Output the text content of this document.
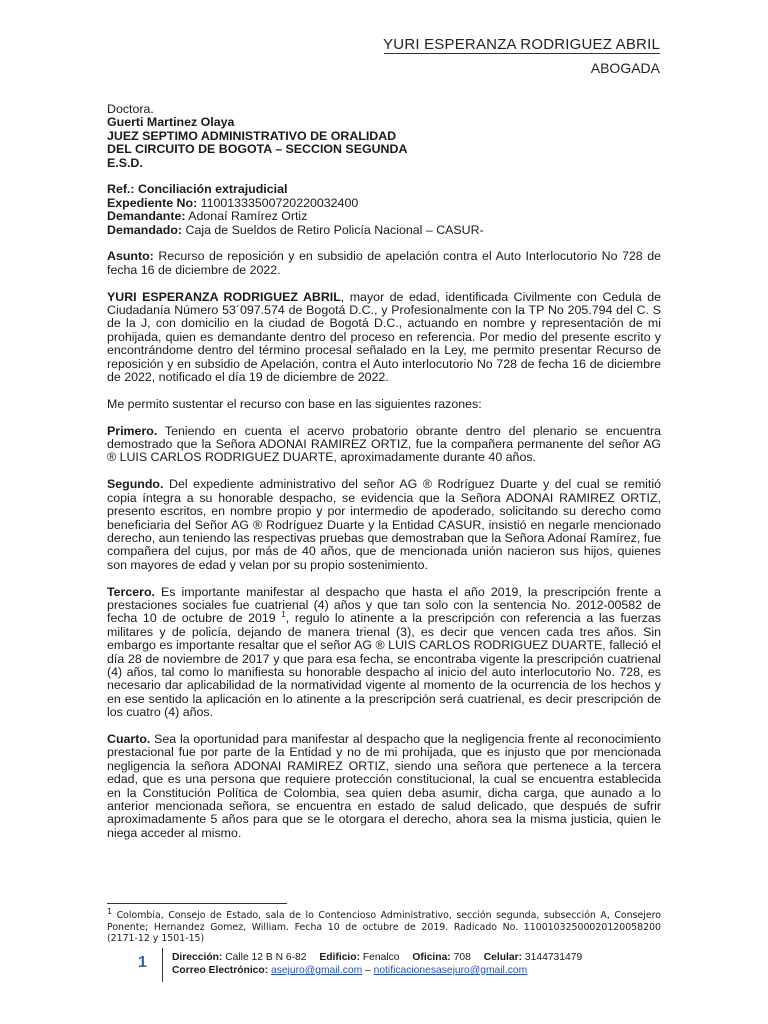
YURI ESPERANZA RODRIGUEZ ABRIL
ABOGADA

Doctora.
Guerti Martinez Olaya
JUEZ SEPTIMO ADMINISTRATIVO DE ORALIDAD
DEL CIRCUITO DE BOGOTA – SECCION SEGUNDA
E.S.D.

Ref.: Conciliación extrajudicial
Expediente No: 11001333500720220032400
Demandante: Adonaí Ramírez Ortiz
Demandado: Caja de Sueldos de Retiro Policía Nacional – CASUR-

Asunto: Recurso de reposición y en subsidio de apelación contra el Auto Interlocutorio No 728 de fecha 16 de diciembre de 2022.

YURI ESPERANZA RODRIGUEZ ABRIL, mayor de edad, identificada Civilmente con Cedula de Ciudadanía Número 53´097.574 de Bogotá D.C., y Profesionalmente con la TP No 205.794 del C. S de la J, con domicilio en la ciudad de Bogotá D.C., actuando en nombre y representación de mi prohijada, quien es demandante dentro del proceso en referencia. Por medio del presente escrito y encontrándome dentro del término procesal señalado en la Ley, me permito presentar Recurso de reposición y en subsidio de Apelación, contra el Auto interlocutorio No 728 de fecha 16 de diciembre de 2022, notificado el día 19 de diciembre de 2022.

Me permito sustentar el recurso con base en las siguientes razones:

Primero. Teniendo en cuenta el acervo probatorio obrante dentro del plenario se encuentra demostrado que la Señora ADONAI RAMIREZ ORTIZ, fue la compañera permanente del señor AG ® LUIS CARLOS RODRIGUEZ DUARTE, aproximadamente durante 40 años.

Segundo. Del expediente administrativo del señor AG ® Rodríguez Duarte y del cual se remitió copia íntegra a su honorable despacho, se evidencia que la Señora ADONAI RAMIREZ ORTIZ, presento escritos, en nombre propio y por intermedio de apoderado, solicitando su derecho como beneficiaria del Señor AG ® Rodríguez Duarte y la Entidad CASUR, insistió en negarle mencionado derecho, aun teniendo las respectivas pruebas que demostraban que la Señora Adonaí Ramírez, fue compañera del cujus, por más de 40 años, que de mencionada unión nacieron sus hijos, quienes son mayores de edad y velan por su propio sostenimiento.

Tercero. Es importante manifestar al despacho que hasta el año 2019, la prescripción frente a prestaciones sociales fue cuatrienal (4) años y que tan solo con la sentencia No. 2012-00582 de fecha 10 de octubre de 2019 $^1$, regulo lo atinente a la prescripción con referencia a las fuerzas militares y de policía, dejando de manera trienal (3), es decir que vencen cada tres años. Sin embargo es importante resaltar que el señor AG ® LUIS CARLOS RODRIGUEZ DUARTE, falleció el día 28 de noviembre de 2017 y que para esa fecha, se encontraba vigente la prescripción cuatrienal (4) años, tal como lo manifiesta su honorable despacho al inicio del auto interlocutorio No. 728, es necesario dar aplicabilidad de la normatividad vigente al momento de la ocurrencia de los hechos y en ese sentido la aplicación en lo atinente a la prescripción será cuatrienal, es decir prescripción de los cuatro (4) años.

Cuarto. Sea la oportunidad para manifestar al despacho que la negligencia frente al reconocimiento prestacional fue por parte de la Entidad y no de mi prohijada, que es injusto que por mencionada negligencia la señora ADONAI RAMIREZ ORTIZ, siendo una señora que pertenece a la tercera edad, que es una persona que requiere protección constitucional, la cual se encuentra establecida en la Constitución Política de Colombia, sea quien deba asumir, dicha carga, que aunado a lo anterior mencionada señora, se encuentra en estado de salud delicado, que después de sufrir aproximadamente 5 años para que se le otorgara el derecho, ahora sea la misma justicia, quien le niega acceder al mismo.

1 Colombia, Consejo de Estado, sala de lo Contencioso Administrativo, sección segunda, subsección A, Consejero Ponente; Hernandez Gomez, William. Fecha 10 de octubre de 2019. Radicado No. 11001032500020120058200 (2171-12 y 1501-15)
1 Dirección: Calle 12 B N 6-82 Edificio: Fenalco Oficina: 708 Celular: 3144731479
Correo Electrónico: asejuro@gmail.com – notificacionesasejuro@gmail.com
